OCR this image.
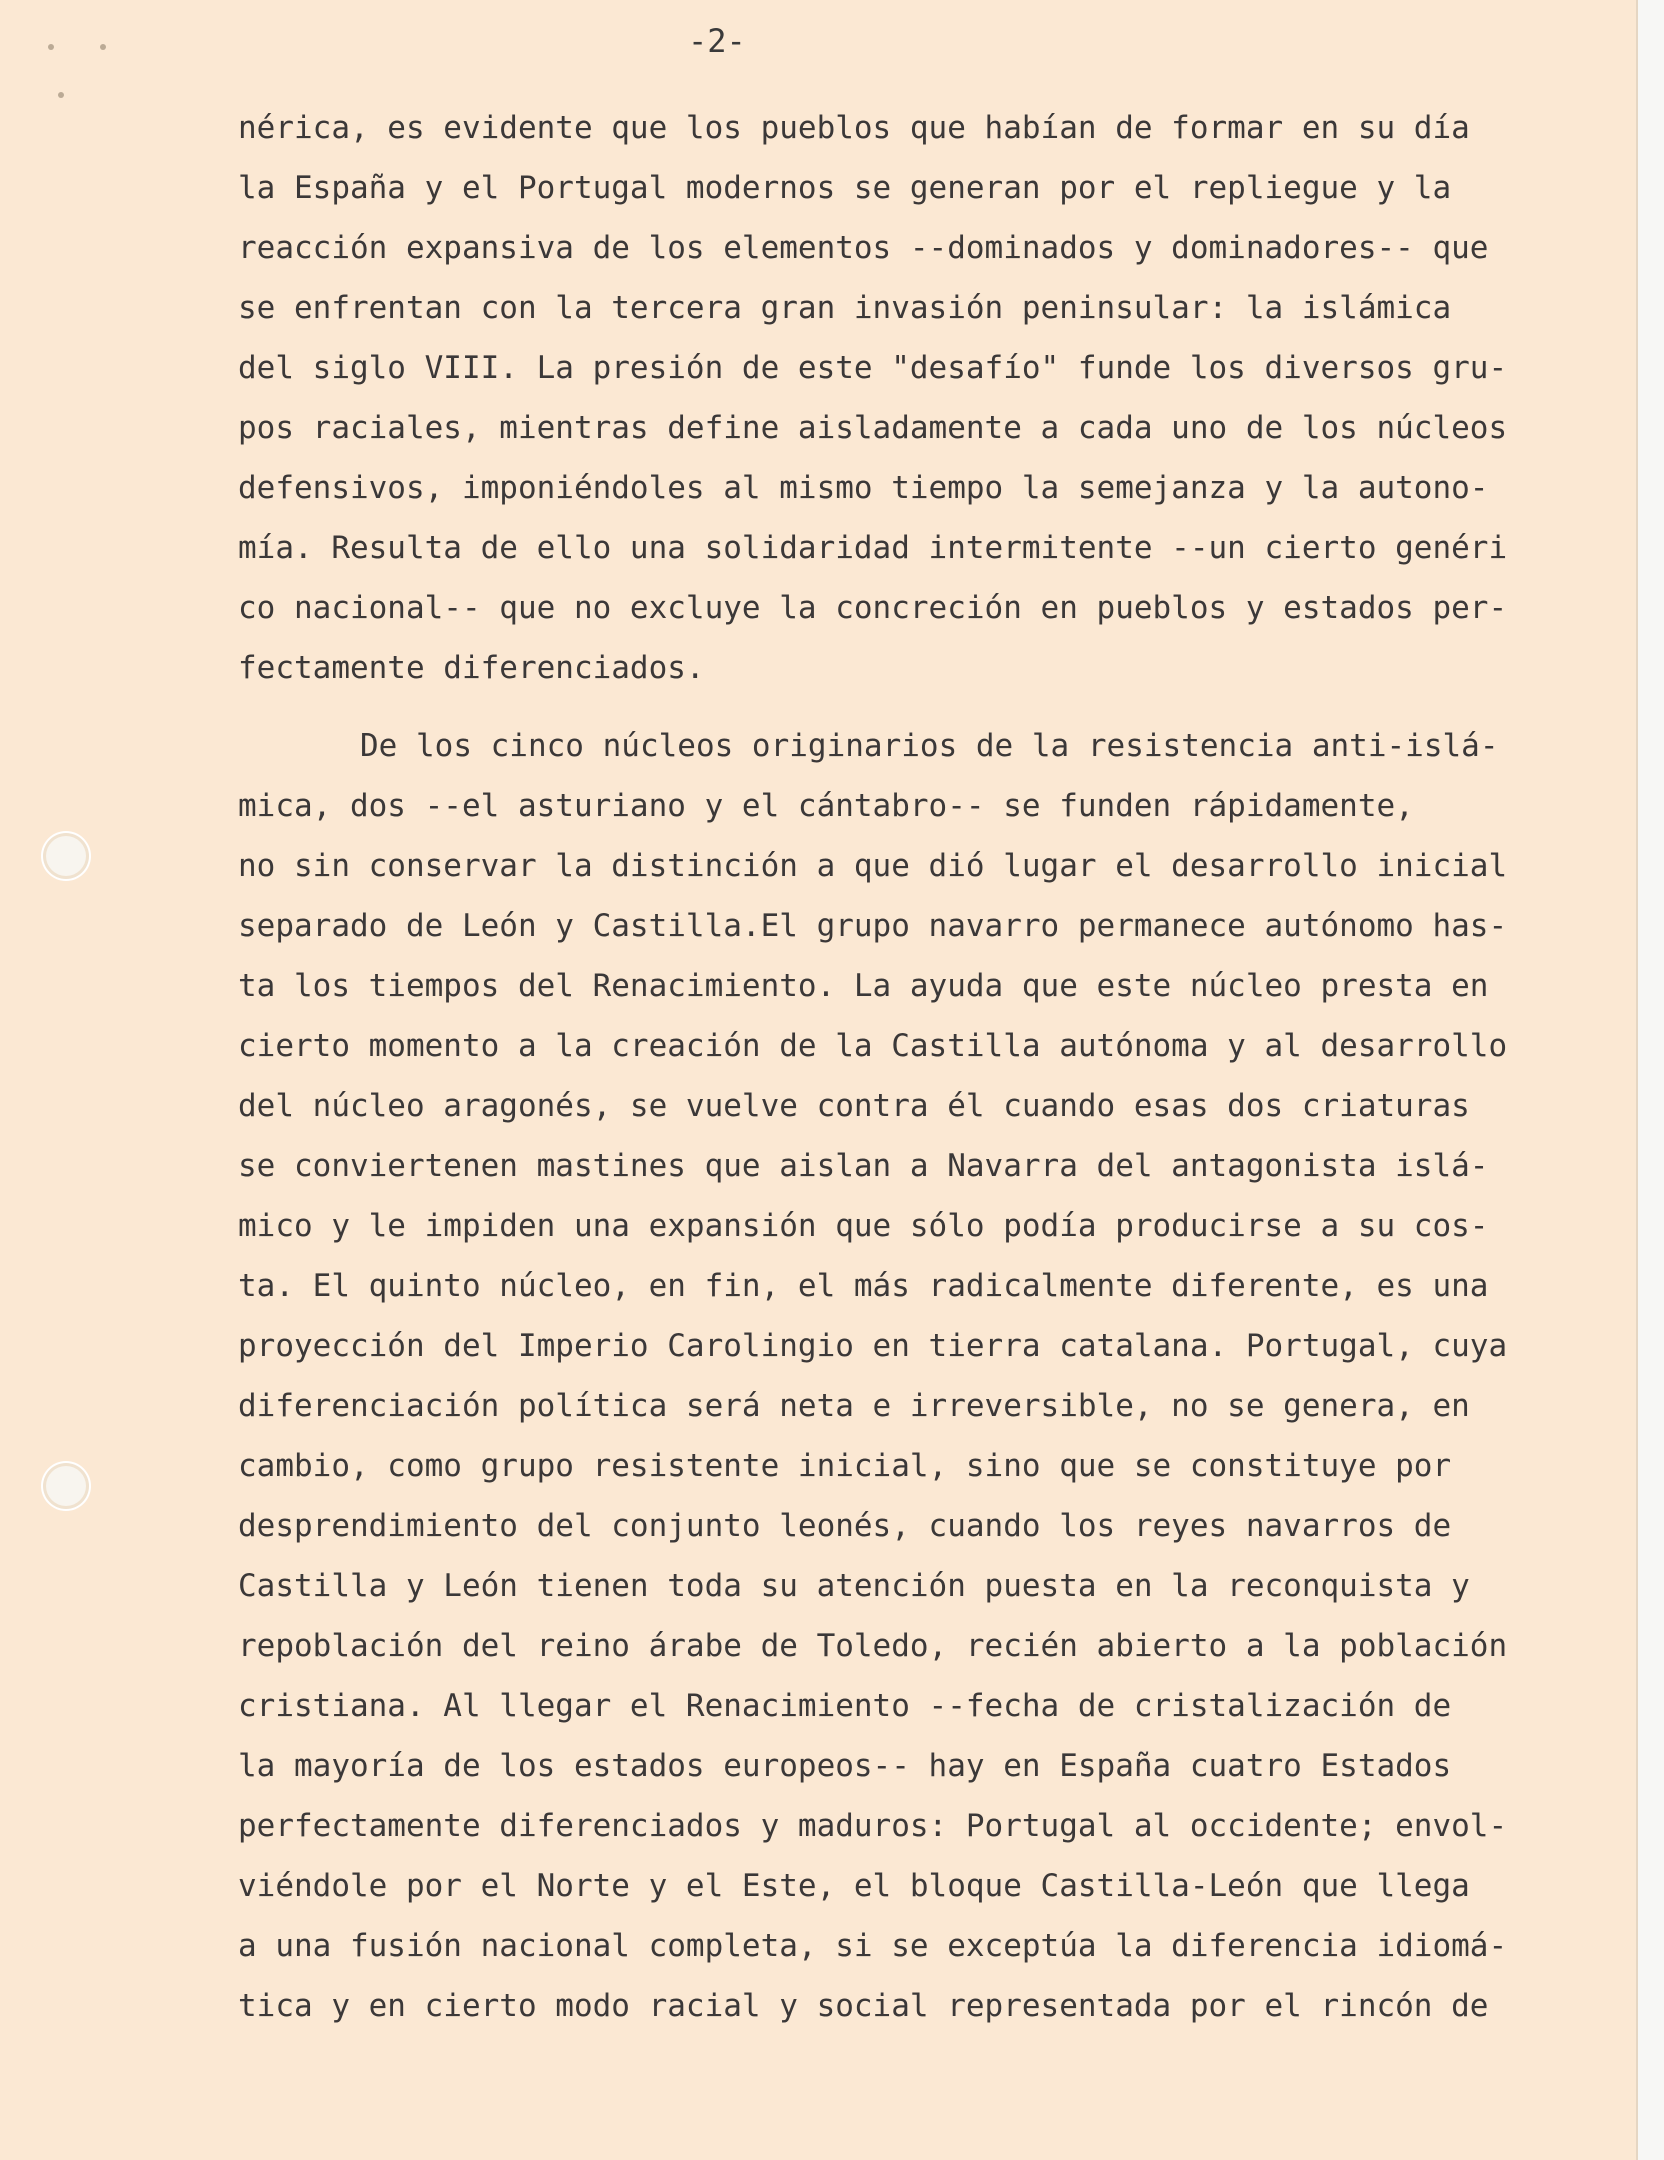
-2-
nérica, es evidente que los pueblos que habían de formar en su día
la España y el Portugal modernos se generan por el repliegue y la
reacción expansiva de los elementos --dominados y dominadores-- que
se enfrentan con la tercera gran invasión peninsular: la islámica
del siglo VIII. La presión de este "desafío" funde los diversos gru-
pos raciales, mientras define aisladamente a cada uno de los núcleos
defensivos, imponiéndoles al mismo tiempo la semejanza y la autono-
mía. Resulta de ello una solidaridad intermitente --un cierto genéri
co nacional-- que no excluye la concreción en pueblos y estados per-
fectamente diferenciados.
De los cinco núcleos originarios de la resistencia anti-islá-
mica, dos --el asturiano y el cántabro-- se funden rápidamente,
no sin conservar la distinción a que dió lugar el desarrollo inicial
separado de León y Castilla.El grupo navarro permanece autónomo has-
ta los tiempos del Renacimiento. La ayuda que este núcleo presta en
cierto momento a la creación de la Castilla autónoma y al desarrollo
del núcleo aragonés, se vuelve contra él cuando esas dos criaturas
se conviertenen mastines que aislan a Navarra del antagonista islá-
mico y le impiden una expansión que sólo podía producirse a su cos-
ta. El quinto núcleo, en fin, el más radicalmente diferente, es una
proyección del Imperio Carolingio en tierra catalana. Portugal, cuya
diferenciación política será neta e irreversible, no se genera, en
cambio, como grupo resistente inicial, sino que se constituye por
desprendimiento del conjunto leonés, cuando los reyes navarros de
Castilla y León tienen toda su atención puesta en la reconquista y
repoblación del reino árabe de Toledo, recién abierto a la población
cristiana. Al llegar el Renacimiento --fecha de cristalización de
la mayoría de los estados europeos-- hay en España cuatro Estados
perfectamente diferenciados y maduros: Portugal al occidente; envol-
viéndole por el Norte y el Este, el bloque Castilla-León que llega
a una fusión nacional completa, si se exceptúa la diferencia idiomá-
tica y en cierto modo racial y social representada por el rincón de
